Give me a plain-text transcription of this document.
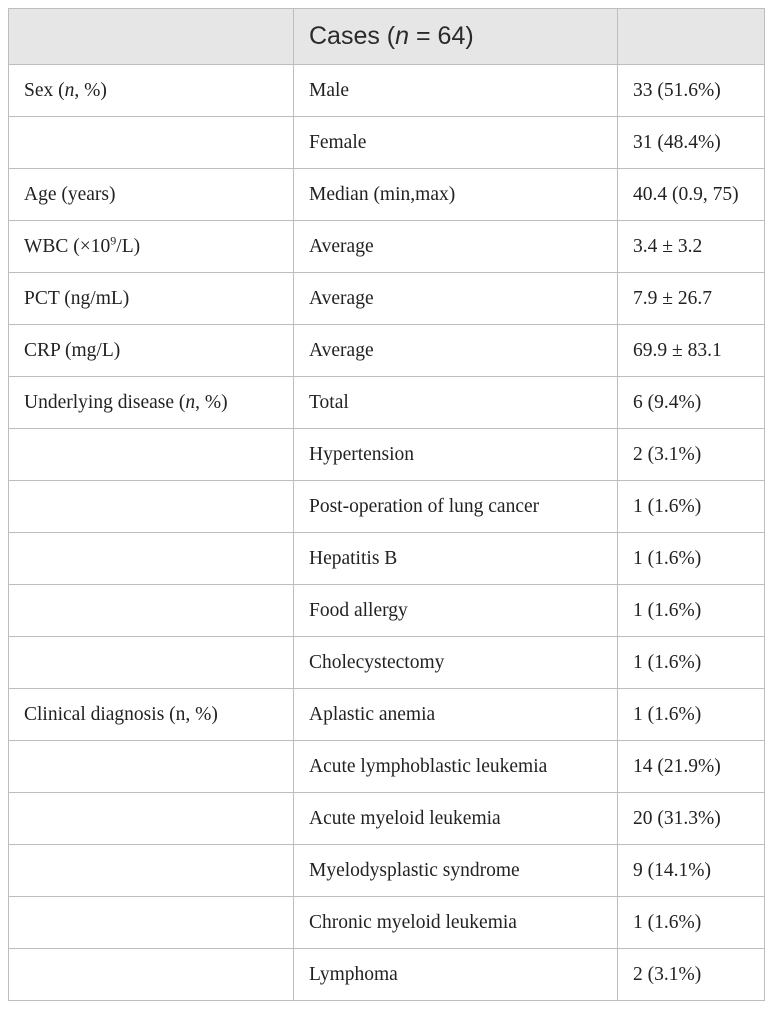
	Cases (n = 64)	
Sex (n, %)	Male	33 (51.6%)
	Female	31 (48.4%)
Age (years)	Median (min,max)	40.4 (0.9, 75)
WBC $(\times 10^9/L)$	Average	3.4 ± 3.2
PCT (ng/mL)	Average	7.9 ± 26.7
CRP (mg/L)	Average	69.9 ± 83.1
Underlying disease (n, %)	Total	6 (9.4%)
	Hypertension	2 (3.1%)
	Post-operation of lung cancer	1 (1.6%)
	Hepatitis B	1 (1.6%)
	Food allergy	1 (1.6%)
	Cholecystectomy	1 (1.6%)
Clinical diagnosis (n, %)	Aplastic anemia	1 (1.6%)
	Acute lymphoblastic leukemia	14 (21.9%)
	Acute myeloid leukemia	20 (31.3%)
	Myelodysplastic syndrome	9 (14.1%)
	Chronic myeloid leukemia	1 (1.6%)
	Lymphoma	2 (3.1%)
